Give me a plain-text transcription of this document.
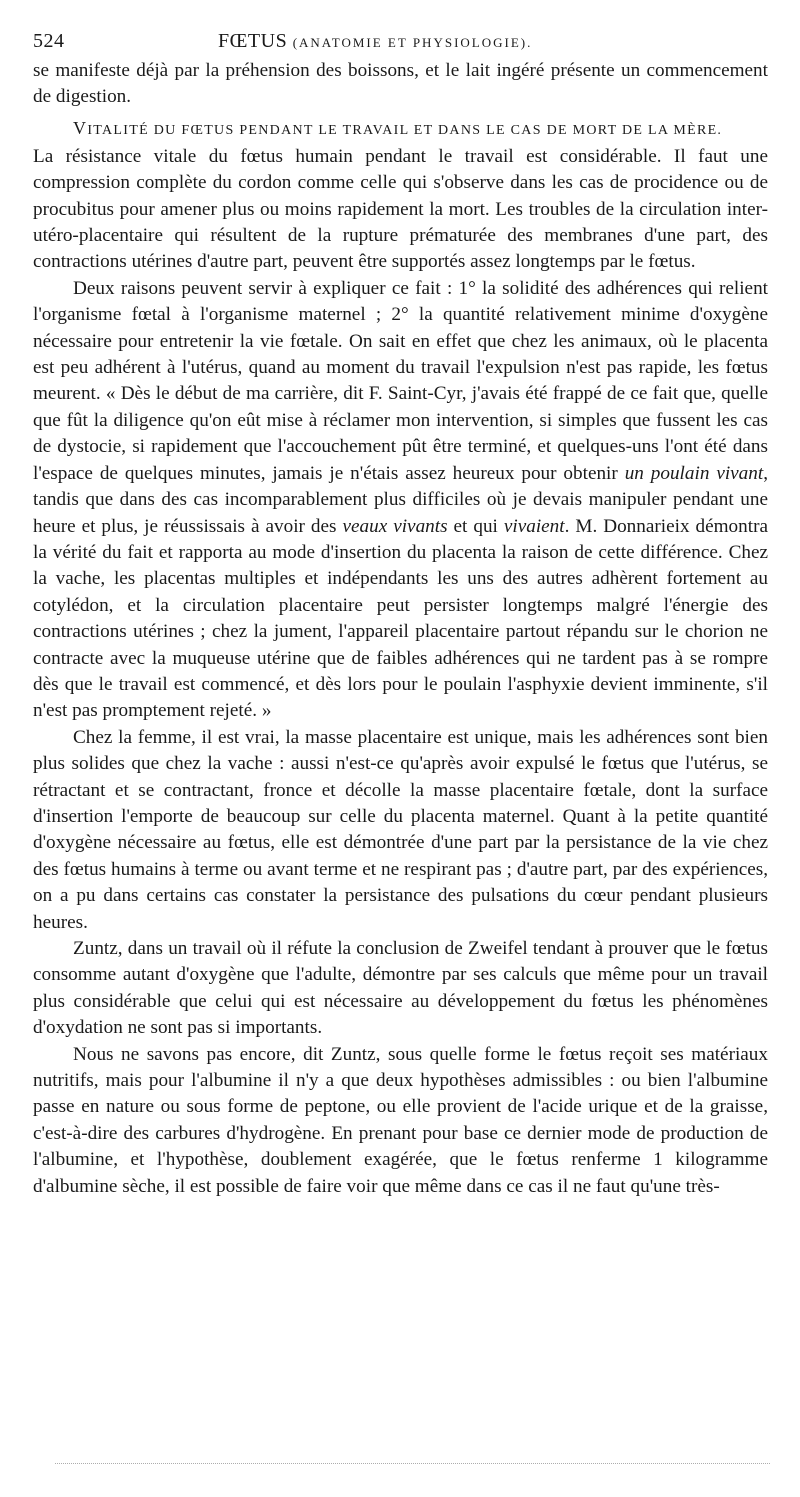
524	FŒTUS (ANATOMIE ET PHYSIOLOGIE).

se manifeste déjà par la préhension des boissons, et le lait ingéré présente un commencement de digestion.

VITALITÉ DU FŒTUS PENDANT LE TRAVAIL ET DANS LE CAS DE MORT DE LA MÈRE.

La résistance vitale du fœtus humain pendant le travail est considérable. Il faut une compression complète du cordon comme celle qui s'observe dans les cas de procidence ou de procubitus pour amener plus ou moins rapidement la mort. Les troubles de la circulation inter-utéro-placentaire qui résultent de la rupture prématurée des membranes d'une part, des contractions utérines d'autre part, peuvent être supportés assez longtemps par le fœtus.

Deux raisons peuvent servir à expliquer ce fait : 1° la solidité des adhérences qui relient l'organisme fœtal à l'organisme maternel ; 2° la quantité relativement minime d'oxygène nécessaire pour entretenir la vie fœtale. On sait en effet que chez les animaux, où le placenta est peu adhérent à l'utérus, quand au moment du travail l'expulsion n'est pas rapide, les fœtus meurent. « Dès le début de ma carrière, dit F. Saint-Cyr, j'avais été frappé de ce fait que, quelle que fût la diligence qu'on eût mise à réclamer mon intervention, si simples que fussent les cas de dystocie, si rapidement que l'accouchement pût être terminé, et quelques-uns l'ont été dans l'espace de quelques minutes, jamais je n'étais assez heureux pour obtenir un poulain vivant, tandis que dans des cas incomparablement plus difficiles où je devais manipuler pendant une heure et plus, je réussissais à avoir des veaux vivants et qui vivaient. M. Donnarieix démontra la vérité du fait et rapporta au mode d'insertion du placenta la raison de cette différence. Chez la vache, les placentas multiples et indépendants les uns des autres adhèrent fortement au cotylédon, et la circulation placentaire peut persister longtemps malgré l'énergie des contractions utérines ; chez la jument, l'appareil placentaire partout répandu sur le chorion ne contracte avec la muqueuse utérine que de faibles adhérences qui ne tardent pas à se rompre dès que le travail est commencé, et dès lors pour le poulain l'asphyxie devient imminente, s'il n'est pas promptement rejeté. »

Chez la femme, il est vrai, la masse placentaire est unique, mais les adhérences sont bien plus solides que chez la vache : aussi n'est-ce qu'après avoir expulsé le fœtus que l'utérus, se rétractant et se contractant, fronce et décolle la masse placentaire fœtale, dont la surface d'insertion l'emporte de beaucoup sur celle du placenta maternel. Quant à la petite quantité d'oxygène nécessaire au fœtus, elle est démontrée d'une part par la persistance de la vie chez des fœtus humains à terme ou avant terme et ne respirant pas ; d'autre part, par des expériences, on a pu dans certains cas constater la persistance des pulsations du cœur pendant plusieurs heures.

Zuntz, dans un travail où il réfute la conclusion de Zweifel tendant à prouver que le fœtus consomme autant d'oxygène que l'adulte, démontre par ses calculs que même pour un travail plus considérable que celui qui est nécessaire au développement du fœtus les phénomènes d'oxydation ne sont pas si importants.

Nous ne savons pas encore, dit Zuntz, sous quelle forme le fœtus reçoit ses matériaux nutritifs, mais pour l'albumine il n'y a que deux hypothèses admissibles : ou bien l'albumine passe en nature ou sous forme de peptone, ou elle provient de l'acide urique et de la graisse, c'est-à-dire des carbures d'hydrogène. En prenant pour base ce dernier mode de production de l'albumine, et l'hypothèse, doublement exagérée, que le fœtus renferme 1 kilogramme d'albumine sèche, il est possible de faire voir que même dans ce cas il ne faut qu'une très-
